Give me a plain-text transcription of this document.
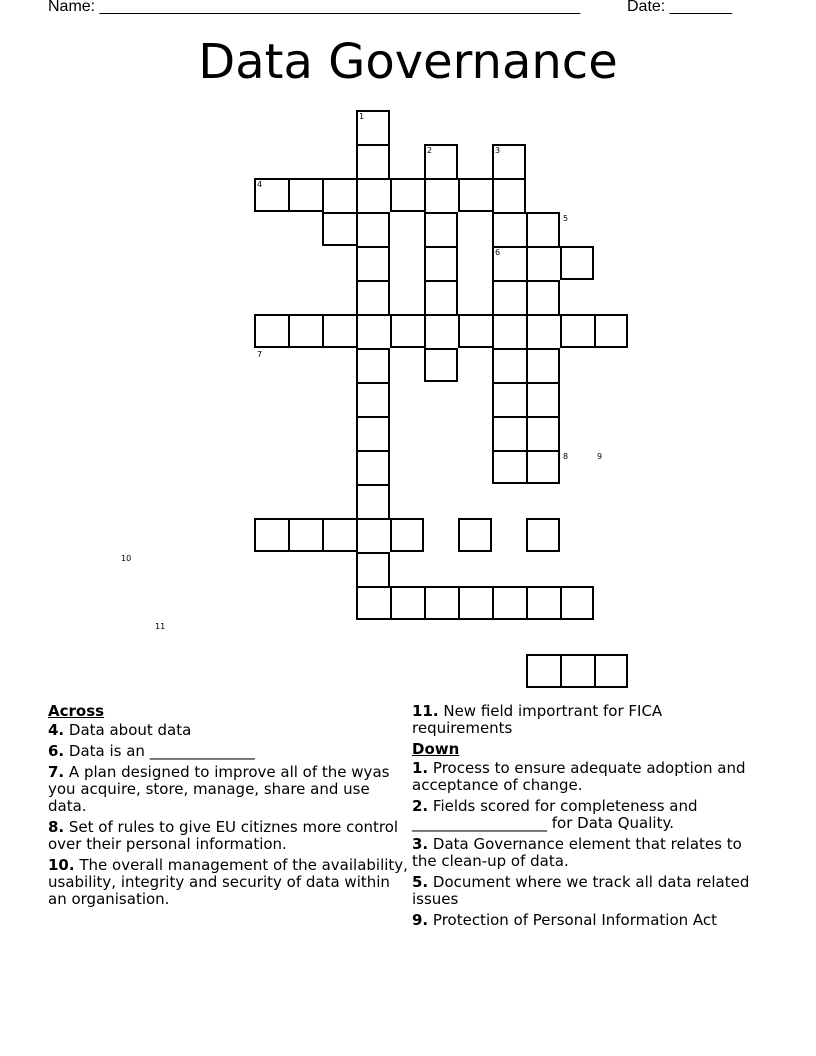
Name: ______________________________________________________	Date: _______
Data Governance
1
2	3
4
5
6
7
8	9
10
11
Across
4. Data about data
6. Data is an ______________
7. A plan designed to improve all of the wyas you acquire, store, manage, share and use data.
8. Set of rules to give EU citiznes more control over their personal information.
10. The overall management of the availability, usability, integrity and security of data within an organisation.
11. New field importrant for FICA requirements
Down
1. Process to ensure adequate adoption and acceptance of change.
2. Fields scored for completeness and __________________ for Data Quality.
3. Data Governance element that relates to the clean-up of data.
5. Document where we track all data related issues
9. Protection of Personal Information Act
